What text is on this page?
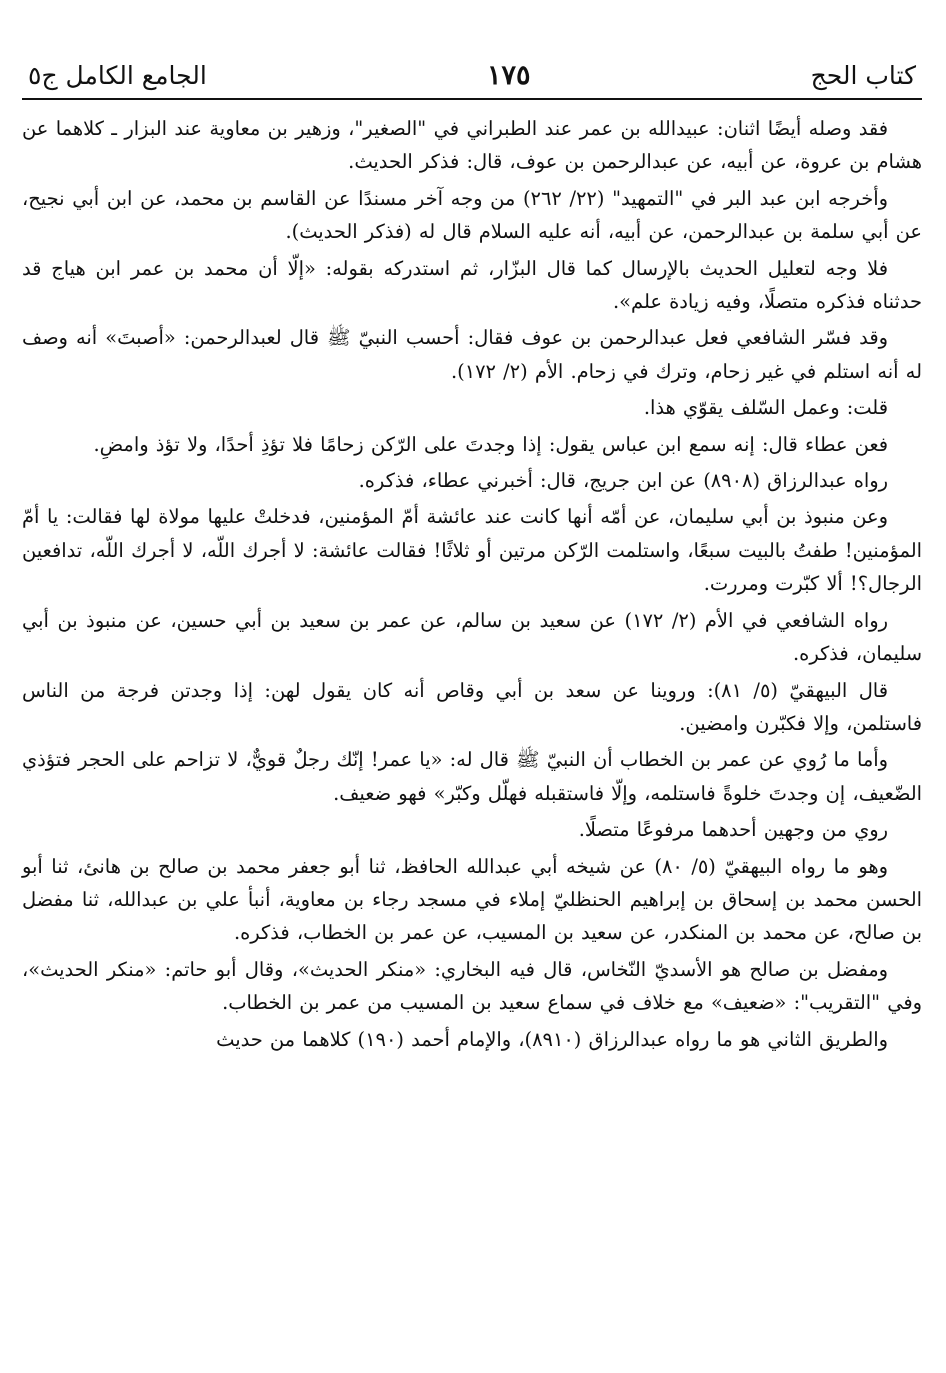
كتاب الحج
١٧٥
الجامع الكامل ج٥

فقد وصله أيضًا اثنان: عبيدالله بن عمر عند الطبراني في "الصغير"، وزهير بن معاوية عند البزار ـ كلاهما عن هشام بن عروة، عن أبيه، عن عبدالرحمن بن عوف، قال: فذكر الحديث.

وأخرجه ابن عبد البر في "التمهيد" (٢٢/ ٢٦٢) من وجه آخر مسندًا عن القاسم بن محمد، عن ابن أبي نجيح، عن أبي سلمة بن عبدالرحمن، عن أبيه، أنه عليه السلام قال له (فذكر الحديث).

فلا وجه لتعليل الحديث بالإرسال كما قال البزّار، ثم استدركه بقوله: «إلّا أن محمد بن عمر ابن هياج قد حدثناه فذكره متصلًا، وفيه زيادة علم».

وقد فسّر الشافعي فعل عبدالرحمن بن عوف فقال: أحسب النبيّ ﷺ قال لعبدالرحمن: «أصبتَ» أنه وصف له أنه استلم في غير زحام، وترك في زحام. الأم (٢/ ١٧٢).

قلت: وعمل السّلف يقوّي هذا.

فعن عطاء قال: إنه سمع ابن عباس يقول: إذا وجدتَ على الرّكن زحامًا فلا تؤذِ أحدًا، ولا تؤذ وامضِ.

رواه عبدالرزاق (٨٩٠٨) عن ابن جريج، قال: أخبرني عطاء، فذكره.

وعن منبوذ بن أبي سليمان، عن أمّه أنها كانت عند عائشة أمّ المؤمنين، فدخلتْ عليها مولاة لها فقالت: يا أمّ المؤمنين! طفتُ بالبيت سبعًا، واستلمت الرّكن مرتين أو ثلاثًا! فقالت عائشة: لا أجرك اللّه، لا أجرك اللّه، تدافعين الرجال؟! ألا كبّرت ومررت.

رواه الشافعي في الأم (٢/ ١٧٢) عن سعيد بن سالم، عن عمر بن سعيد بن أبي حسين، عن منبوذ بن أبي سليمان، فذكره.

قال البيهقيّ (٥/ ٨١): وروينا عن سعد بن أبي وقاص أنه كان يقول لهن: إذا وجدتن فرجة من الناس فاستلمن، وإلا فكبّرن وامضين.

وأما ما رُوي عن عمر بن الخطاب أن النبيّ ﷺ قال له: «يا عمر! إنّك رجلٌ قويٌّ، لا تزاحم على الحجر فتؤذي الضّعيف، إن وجدتَ خلوةً فاستلمه، وإلّا فاستقبله فهلّل وكبّر» فهو ضعيف.

روي من وجهين أحدهما مرفوعًا متصلًا.

وهو ما رواه البيهقيّ (٥/ ٨٠) عن شيخه أبي عبدالله الحافظ، ثنا أبو جعفر محمد بن صالح بن هانئ، ثنا أبو الحسن محمد بن إسحاق بن إبراهيم الحنظليّ إملاء في مسجد رجاء بن معاوية، أنبأ علي بن عبدالله، ثنا مفضل بن صالح، عن محمد بن المنكدر، عن سعيد بن المسيب، عن عمر بن الخطاب، فذكره.

ومفضل بن صالح هو الأسديّ النّخاس، قال فيه البخاري: «منكر الحديث»، وقال أبو حاتم: «منكر الحديث»، وفي "التقريب": «ضعيف» مع خلاف في سماع سعيد بن المسيب من عمر بن الخطاب.

والطريق الثاني هو ما رواه عبدالرزاق (٨٩١٠)، والإمام أحمد (١٩٠) كلاهما من حديث
